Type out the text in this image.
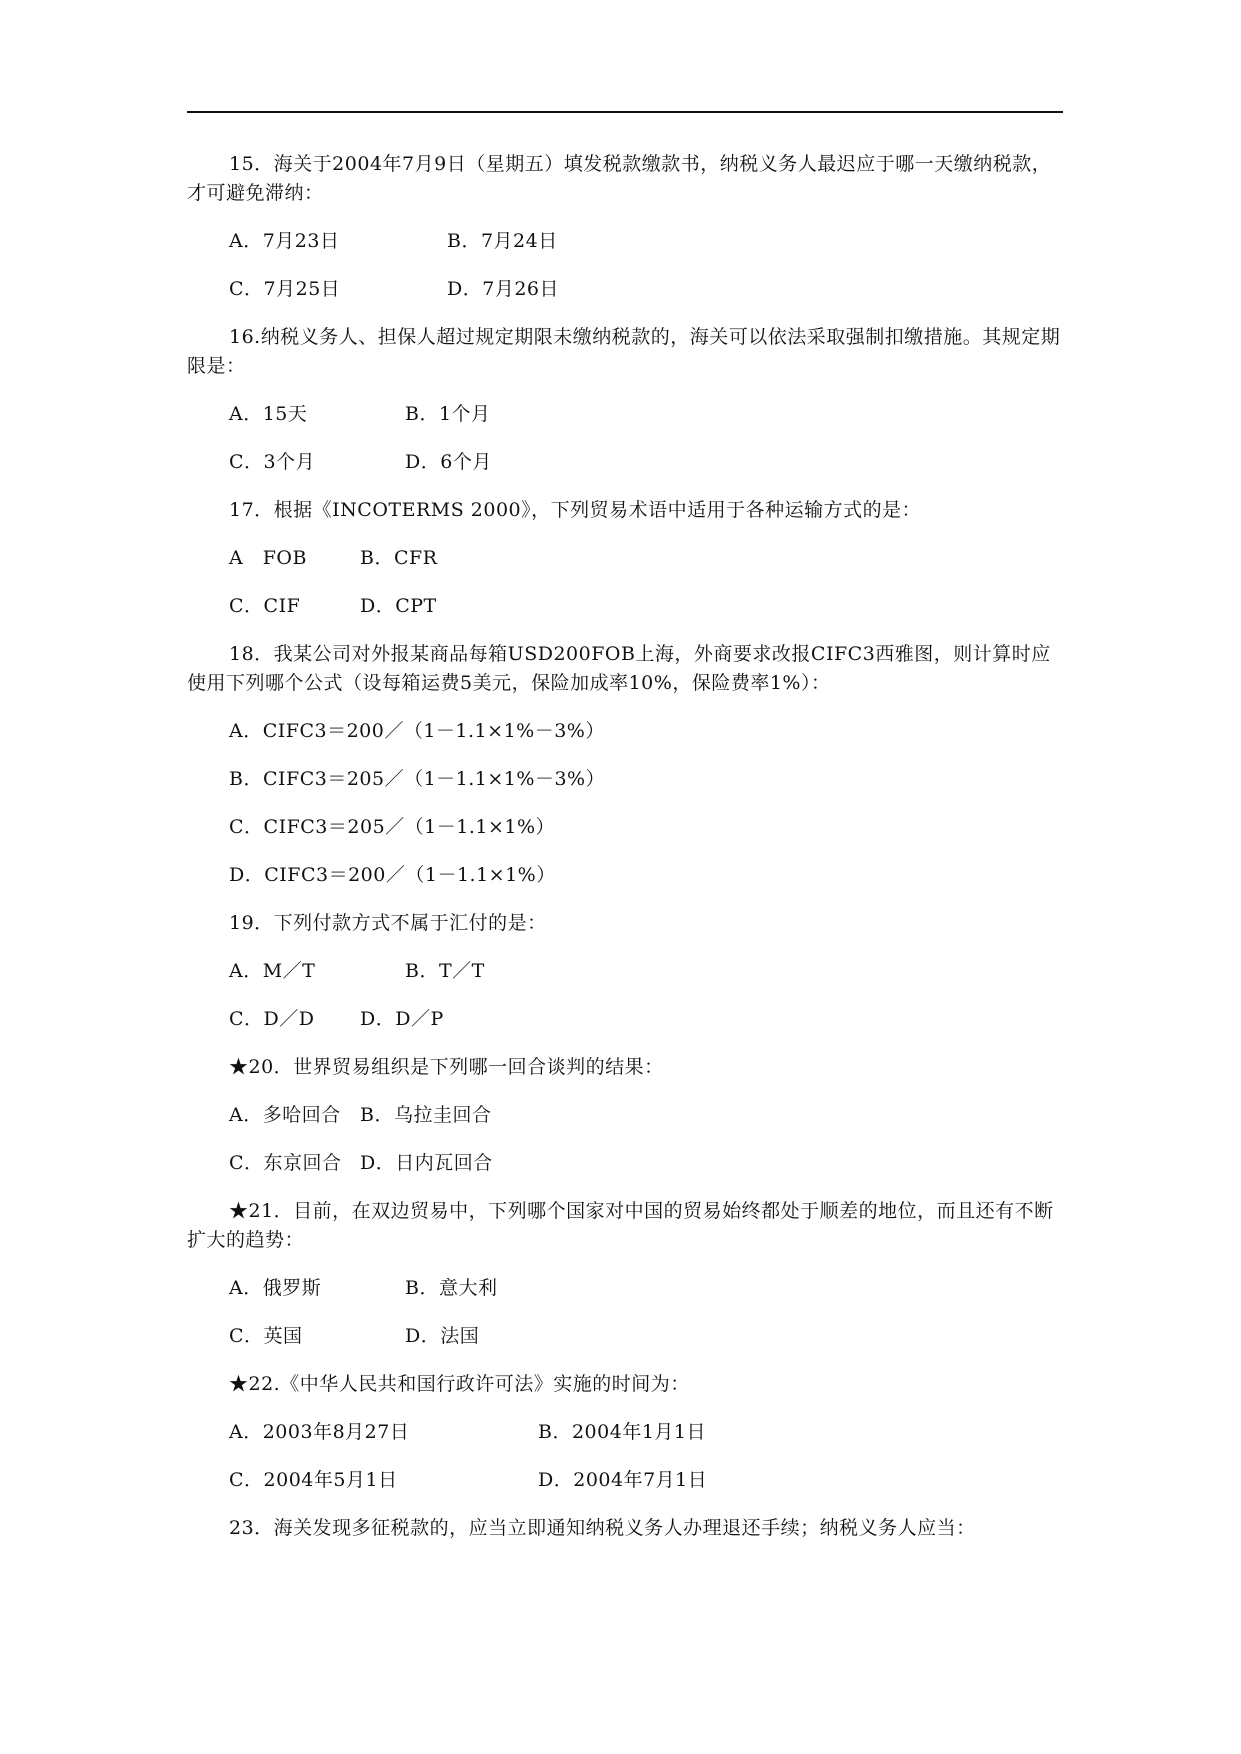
15．海关于2004年7月9日（星期五）填发税款缴款书，纳税义务人最迟应于哪一天缴纳税款，才可避免滞纳：

A．7月23日	B．7月24日
C．7月25日	D．7月26日

16.纳税义务人、担保人超过规定期限未缴纳税款的，海关可以依法采取强制扣缴措施。其规定期限是：

A．15天	B．1个月
C．3个月	D．6个月

17．根据《INCOTERMS 2000》，下列贸易术语中适用于各种运输方式的是：

A　FOB	B．CFR
C．CIF	D．CPT

18．我某公司对外报某商品每箱USD200FOB上海，外商要求改报CIFC3西雅图，则计算时应使用下列哪个公式（设每箱运费5美元，保险加成率10%，保险费率1%）：

A．CIFC3＝200／（1－1.1×1%－3%）
B．CIFC3＝205／（1－1.1×1%－3%）
C．CIFC3＝205／（1－1.1×1%）
D．CIFC3＝200／（1－1.1×1%）

19．下列付款方式不属于汇付的是：

A．M／T	B．T／T
C．D／D	D．D／P

★20．世界贸易组织是下列哪一回合谈判的结果：

A．多哈回合	B．乌拉圭回合
C．东京回合 D．日内瓦回合

★21．目前，在双边贸易中，下列哪个国家对中国的贸易始终都处于顺差的地位，而且还有不断扩大的趋势：

A．俄罗斯	B．意大利
C．英国	D．法国

★22.《中华人民共和国行政许可法》实施的时间为：

A．2003年8月27日	B．2004年1月1日
C．2004年5月1日	D．2004年7月1日

23．海关发现多征税款的，应当立即通知纳税义务人办理退还手续；纳税义务人应当：
